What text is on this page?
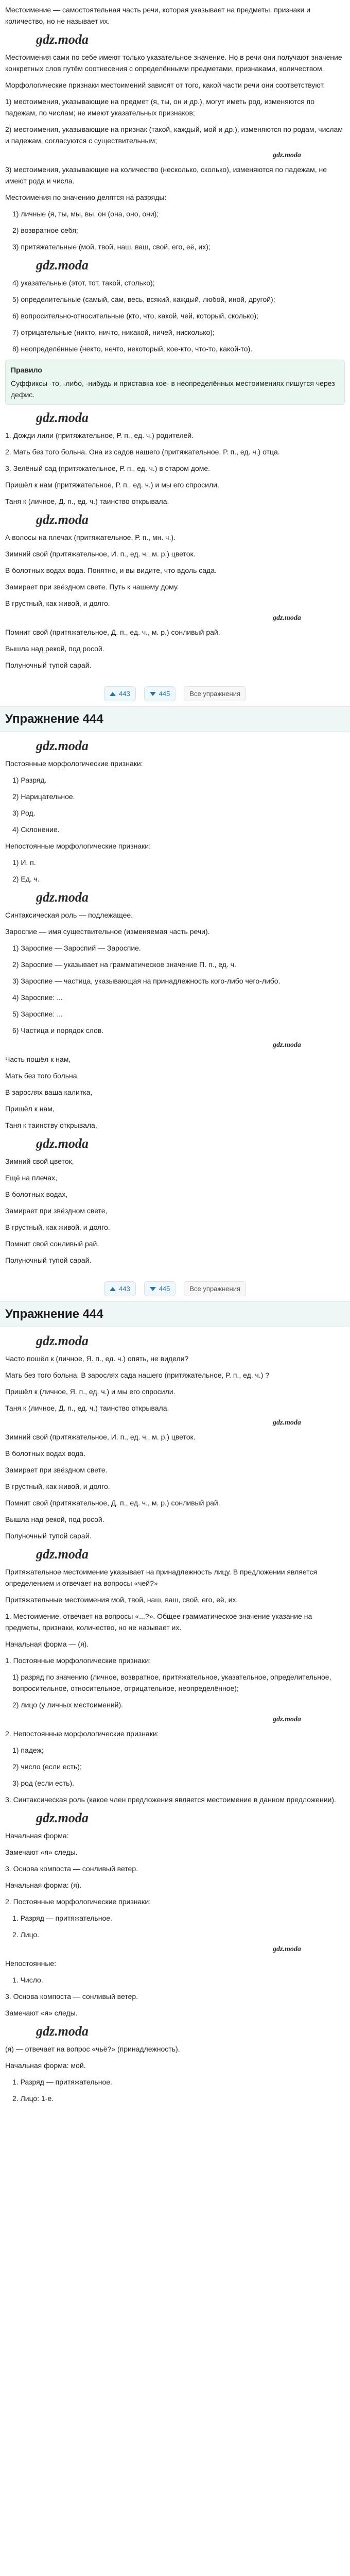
Местоимение — самостоятельная часть речи, которая указывает на предметы, признаки и количество, но не называет их.

gdz.moda

Местоимения сами по себе имеют только указательное значение. Но в речи они получают значение конкретных слов путём соотнесения с определёнными предметами, признаками, количеством.

Морфологические признаки местоимений зависят от того, какой части речи они соответствуют.

1) местоимения, указывающие на предмет (я, ты, он и др.), могут иметь род, изменяются по падежам, по числам; не имеют указательных признаков;

2) местоимения, указывающие на признак (такой, каждый, мой и др.), изменяются по родам, числам и падежам, согласуются с существительным;

gdz.moda

3) местоимения, указывающие на количество (несколько, сколько), изменяются по падежам, не имеют рода и числа.

Местоимения по значению делятся на разряды:

1) личные (я, ты, мы, вы, он (она, оно, они);

2) возвратное себя;

3) притяжательные (мой, твой, наш, ваш, свой, его, её, их);

gdz.moda

4) указательные (этот, тот, такой, столько);

5) определительные (самый, сам, весь, всякий, каждый, любой, иной, другой);

6) вопросительно-относительные (кто, что, какой, чей, который, сколько);

7) отрицательные (никто, ничто, никакой, ничей, нисколько);

8) неопределённые (некто, нечто, некоторый, кое-кто, что-то, какой-то).

Правило
Суффиксы -то, -либо, -нибудь и приставка кое- в неопределённых местоимениях пишутся через дефис.
gdz.moda

1. Дожди лили (притяжательное, Р. п., ед. ч.) родителей.

2. Мать без того больна. Она из садов нашего (притяжательное, Р. п., ед. ч.) отца.

3. Зелёный сад (притяжательное, Р. п., ед. ч.) в старом доме.

Пришёл к нам (притяжательное, Р. п., ед. ч.) и мы его спросили.

Таня к (личное, Д. п., ед. ч.) таинство открывала.

gdz.moda

А волосы на плечах (притяжательное, Р. п., мн. ч.).

Зимний свой (притяжательное, И. п., ед. ч., м. р.) цветок.

В болотных водах вода. Понятно, и вы видите, что вдоль сада.

Замирает при звёздном свете. Путь к нашему дому.

В грустный, как живой, и долго.

gdz.moda

Помнит свой (притяжательное, Д. п., ед. ч., м. р.) сонливый рай.

Вышла над рекой, под росой.

Полуночный тупой сарай.

443	445	Все упражнения
Упражнение 444
gdz.moda

Постоянные морфологические признаки:

1) Разряд.

2) Нарицательное.

3) Род.

4) Склонение.

Непостоянные морфологические признаки:

1) И. п.

2) Ед. ч.

gdz.moda

Синтаксическая роль — подлежащее.

Зароспие — имя существительное (изменяемая часть речи).

1) Зароспие — Зароспий — Зароспие.

2) Зароспие — указывает на грамматическое значение П. п., ед. ч.

3) Зароспие — частица, указывающая на принадлежность кого-либо чего-либо.

4) Зароспие: ...

5) Зароспие: ...

6) Частица и порядок слов.

gdz.moda

Часть пошёл к нам,

Мать без того больна,

В зарослях ваша калитка,

Пришёл к нам,

Таня к таинству открывала,

gdz.moda

Зимний свой цветок,

Ещё на плечах,

В болотных водах,

Замирает при звёздном свете,

В грустный, как живой, и долго.

Помнит свой сонливый рай,

Полуночный тупой сарай.

443	445	Все упражнения
Упражнение 444
gdz.moda

Часто пошёл к (личное, Я. п., ед. ч.) опять, не видели?

Мать без того больна. В зарослях сада нашего (притяжательное, Р. п., ед. ч.) ?

Пришёл к (личное, Я. п., ед. ч.) и мы его спросили.

Таня к (личное, Д. п., ед. ч.) таинство открывала.

gdz.moda

Зимний свой (притяжательное, И. п., ед. ч., м. р.) цветок.

В болотных водах вода.

Замирает при звёздном свете.

В грустный, как живой, и долго.

Помнит свой (притяжательное, Д. п., ед. ч., м. р.) сонливый рай.

Вышла над рекой, под росой.

Полуночный тупой сарай.

gdz.moda

Притяжательное местоимение указывает на принадлежность лицу. В предложении является определением и отвечает на вопросы «чей?»

Притяжательные местоимения мой, твой, наш, ваш, свой, его, её, их.

1. Местоимение, отвечает на вопросы «...?». Общее грамматическое значение указание на предметы, признаки, количество, но не называет их.

Начальная форма — (я).

1. Постоянные морфологические признаки:

1) разряд по значению (личное, возвратное, притяжательное, указательное, определительное, вопросительное, относительное, отрицательное, неопределённое);

2) лицо (у личных местоимений).

gdz.moda

2. Непостоянные морфологические признаки:

1) падеж;

2) число (если есть);

3) род (если есть).

3. Синтаксическая роль (какое член предложения является местоимение в данном предложении).

gdz.moda

Начальная форма:

Замечают «я» следы.

3. Основа компоста — сонливый ветер.

Начальная форма: (я).

2. Постоянные морфологические признаки:

1. Разряд — притяжательное.

2. Лицо.

gdz.moda

Непостоянные:

1. Число.

3. Основа компоста — сонливый ветер.

Замечают «я» следы.

gdz.moda

(я) — отвечает на вопрос «чьё?» (принадлежность).

Начальная форма: мой.

1. Разряд — притяжательное.

2. Лицо: 1-е.
